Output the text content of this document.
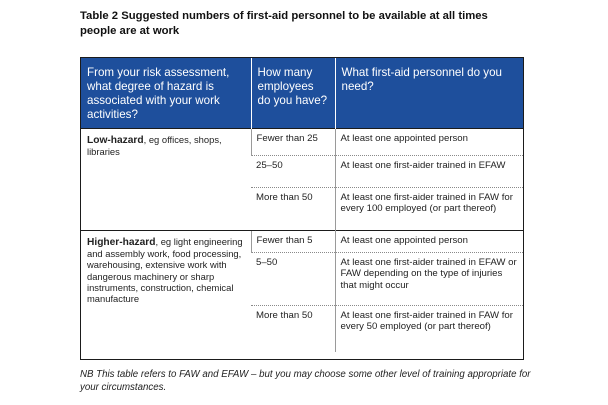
Table 2 Suggested numbers of first-aid personnel to be available at all times people are at work
From your risk assessment, what degree of hazard is associated with your work activities?	How many employees do you have?	What first-aid personnel do you need?
Low-hazard, eg offices, shops, libraries	Fewer than 25	At least one appointed person
	25–50	At least one first-aider trained in EFAW
	More than 50	At least one first-aider trained in FAW for every 100 employed (or part thereof)
Higher-hazard, eg light engineering and assembly work, food processing, warehousing, extensive work with dangerous machinery or sharp instruments, construction, chemical manufacture	Fewer than 5	At least one appointed person
	5–50	At least one first-aider trained in EFAW or FAW depending on the type of injuries that might occur
	More than 50	At least one first-aider trained in FAW for every 50 employed (or part thereof)
NB This table refers to FAW and EFAW – but you may choose some other level of training appropriate for your circumstances.
